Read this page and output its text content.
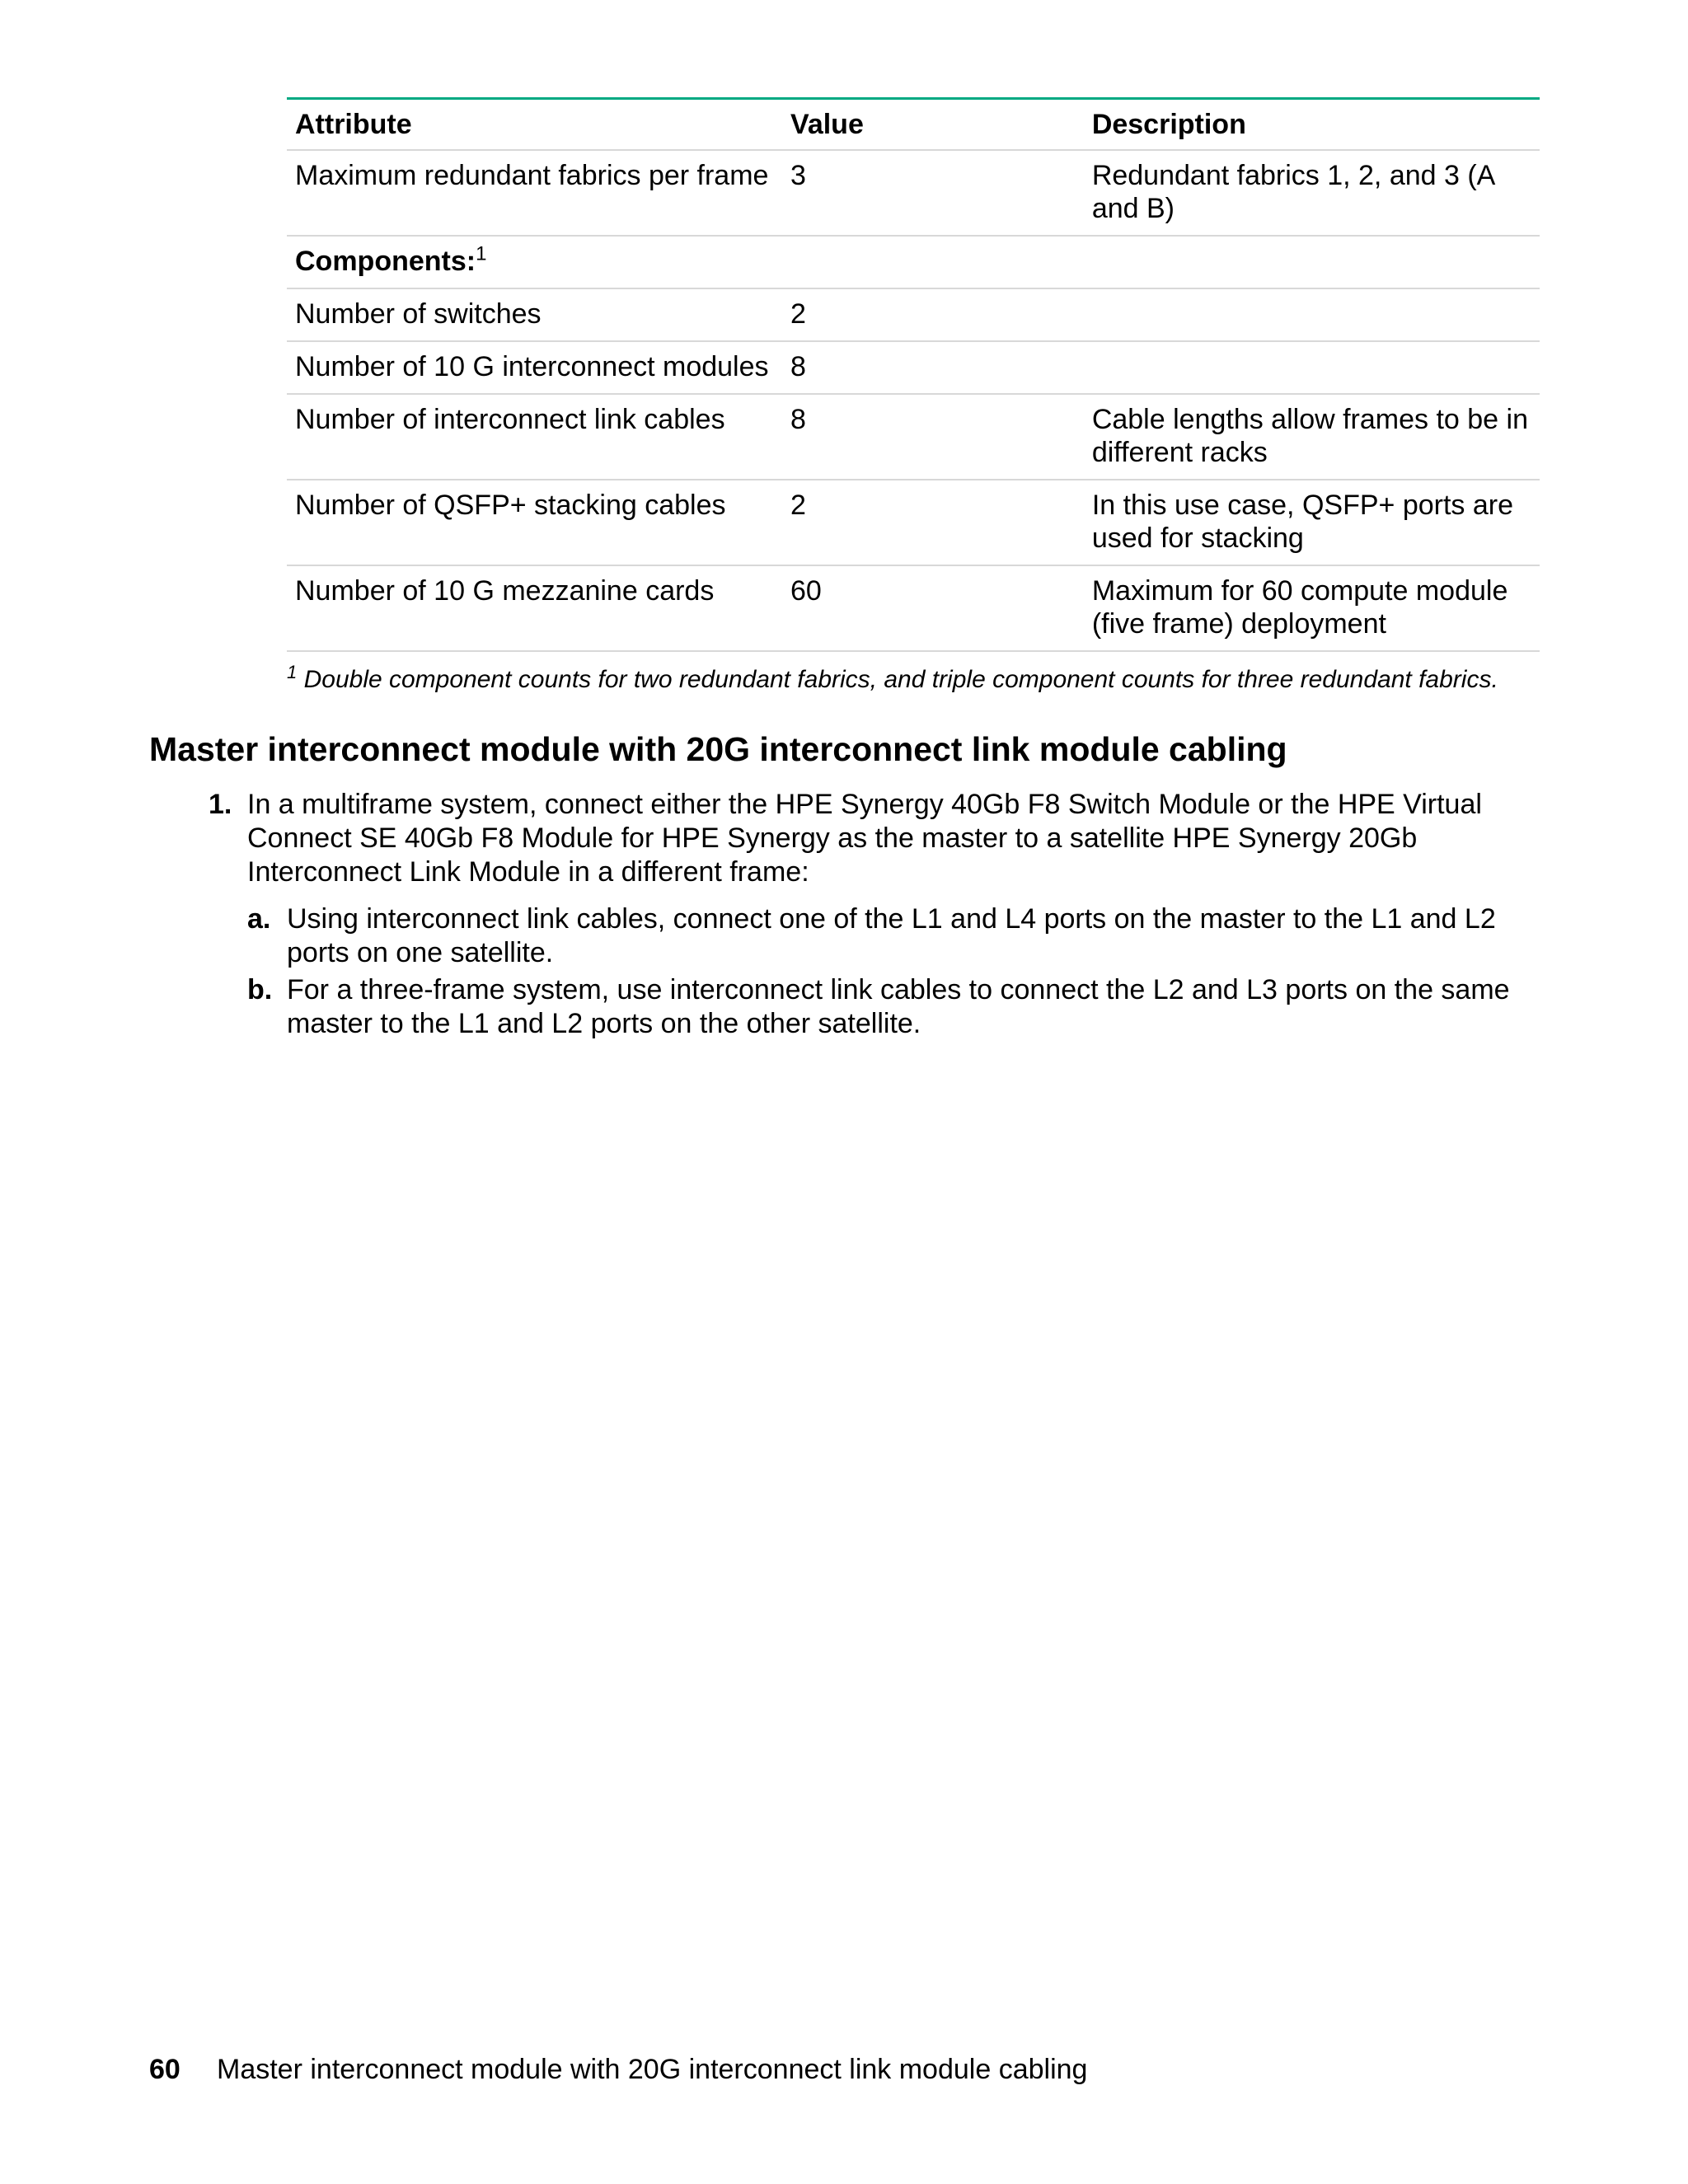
Attribute	Value	Description
Maximum redundant fabrics per frame	3	Redundant fabrics 1, 2, and 3 (A and B)
Components:$^1$		
Number of switches	2	
Number of 10 G interconnect modules	8	
Number of interconnect link cables	8	Cable lengths allow frames to be in different racks
Number of QSFP+ stacking cables	2	In this use case, QSFP+ ports are used for stacking
Number of 10 G mezzanine cards	60	Maximum for 60 compute module (five frame) deployment
$^1$ Double component counts for two redundant fabrics, and triple component counts for three redundant fabrics.
Master interconnect module with 20G interconnect link module cabling
1. In a multiframe system, connect either the HPE Synergy 40Gb F8 Switch Module or the HPE Virtual Connect SE 40Gb F8 Module for HPE Synergy as the master to a satellite HPE Synergy 20Gb Interconnect Link Module in a different frame:
a. Using interconnect link cables, connect one of the L1 and L4 ports on the master to the L1 and L2 ports on one satellite.
b. For a three-frame system, use interconnect link cables to connect the L2 and L3 ports on the same master to the L1 and L2 ports on the other satellite.
60 Master interconnect module with 20G interconnect link module cabling
